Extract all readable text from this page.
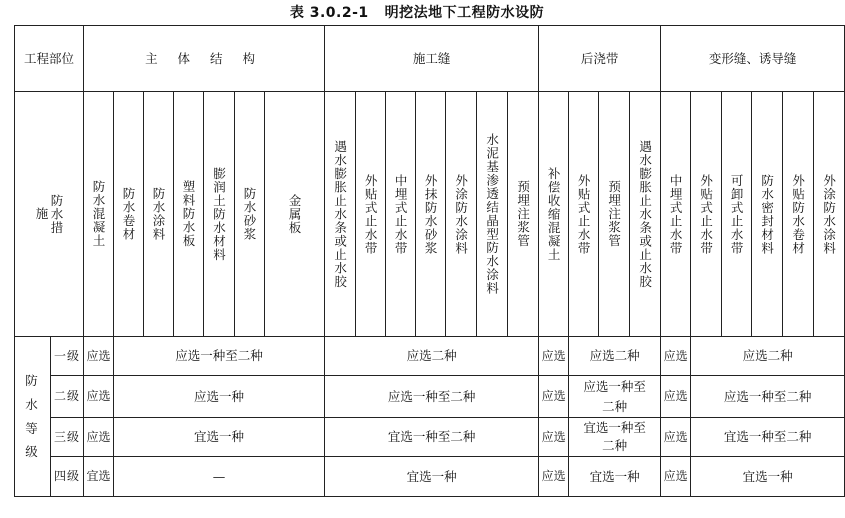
表 3.0.2-1 明挖法地下工程防水设防
工程部位		主 体 结 构							施工缝							后浇带				变形缝、诱导缝					
防水措施		防水混凝土	防水卷材	防水涂料	塑料防水板	膨润土防水材料	防水砂浆	金属板	遇水膨胀止水条或止水胶	外贴式止水带	中埋式止水带	外抹防水砂浆	外涂防水涂料	水泥基渗透结晶型防水涂料	预埋注浆管	补偿收缩混凝土	外贴式止水带	预埋注浆管	遇水膨胀止水条或止水胶	中埋式止水带	外贴式止水带	可卸式止水带	防水密封材料	外贴防水卷材	外涂防水涂料
防水等级	一级	应选	应选一种至二种						应选二种							应选	应选二种			应选	应选二种				
	二级	应选	应选一种						应选一种至二种							应选	应选一种至二种			应选	应选一种至二种				
	三级	应选	宜选一种						宜选一种至二种							应选	宜选一种至二种			应选	宜选一种至二种				
	四级	宜选	—						宜选一种							应选	宜选一种			应选	宜选一种				
